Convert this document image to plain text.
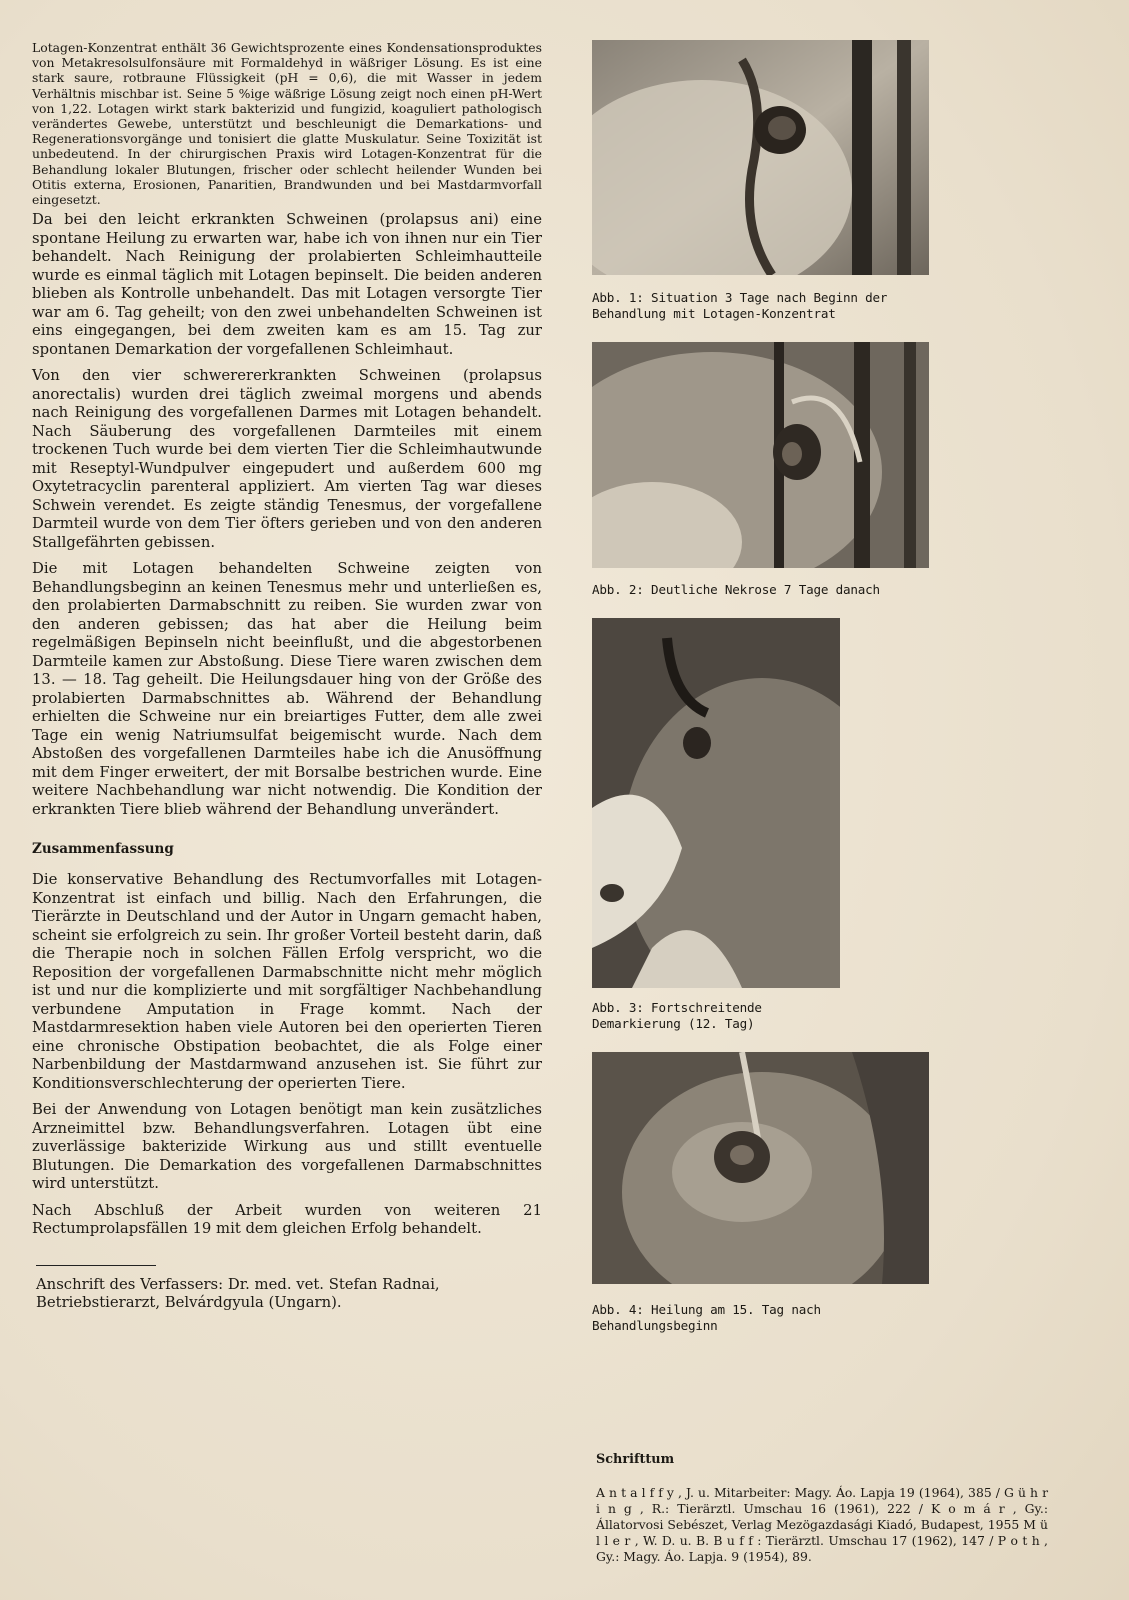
Lotagen-Konzentrat enthält 36 Gewichtsprozente eines Kondensationsproduktes von Metakresolsulfonsäure mit Formaldehyd in wäßriger Lösung. Es ist eine stark saure, rotbraune Flüssigkeit (pH = 0,6), die mit Wasser in jedem Verhältnis mischbar ist. Seine 5 %ige wäßrige Lösung zeigt noch einen pH-Wert von 1,22. Lotagen wirkt stark bakterizid und fungizid, koaguliert pathologisch verändertes Gewebe, unterstützt und beschleunigt die Demarkations- und Regenerationsvorgänge und tonisiert die glatte Muskulatur. Seine Toxizität ist unbedeutend. In der chirurgischen Praxis wird Lotagen-Konzentrat für die Behandlung lokaler Blutungen, frischer oder schlecht heilender Wunden bei Otitis externa, Erosionen, Panaritien, Brandwunden und bei Mastdarmvorfall eingesetzt.

Da bei den leicht erkrankten Schweinen (prolapsus ani) eine spontane Heilung zu erwarten war, habe ich von ihnen nur ein Tier behandelt. Nach Reinigung der prolabierten Schleimhautteile wurde es einmal täglich mit Lotagen bepinselt. Die beiden anderen blieben als Kontrolle unbehandelt. Das mit Lotagen versorgte Tier war am 6. Tag geheilt; von den zwei unbehandelten Schweinen ist eins eingegangen, bei dem zweiten kam es am 15. Tag zur spontanen Demarkation der vorgefallenen Schleimhaut.

Von den vier schwerererkrankten Schweinen (prolapsus anorectalis) wurden drei täglich zweimal morgens und abends nach Reinigung des vorgefallenen Darmes mit Lotagen behandelt. Nach Säuberung des vorgefallenen Darmteiles mit einem trockenen Tuch wurde bei dem vierten Tier die Schleimhautwunde mit Reseptyl-Wundpulver eingepudert und außerdem 600 mg Oxytetracyclin parenteral appliziert. Am vierten Tag war dieses Schwein verendet. Es zeigte ständig Tenesmus, der vorgefallene Darmteil wurde von dem Tier öfters gerieben und von den anderen Stallgefährten gebissen.

Die mit Lotagen behandelten Schweine zeigten von Behandlungsbeginn an keinen Tenesmus mehr und unterließen es, den prolabierten Darmabschnitt zu reiben. Sie wurden zwar von den anderen gebissen; das hat aber die Heilung beim regelmäßigen Bepinseln nicht beeinflußt, und die abgestorbenen Darmteile kamen zur Abstoßung. Diese Tiere waren zwischen dem 13. — 18. Tag geheilt. Die Heilungsdauer hing von der Größe des prolabierten Darmabschnittes ab. Während der Behandlung erhielten die Schweine nur ein breiartiges Futter, dem alle zwei Tage ein wenig Natriumsulfat beigemischt wurde. Nach dem Abstoßen des vorgefallenen Darmteiles habe ich die Anusöffnung mit dem Finger erweitert, der mit Borsalbe bestrichen wurde. Eine weitere Nachbehandlung war nicht notwendig. Die Kondition der erkrankten Tiere blieb während der Behandlung unverändert.

Zusammenfassung

Die konservative Behandlung des Rectumvorfalles mit Lotagen-Konzentrat ist einfach und billig. Nach den Erfahrungen, die Tierärzte in Deutschland und der Autor in Ungarn gemacht haben, scheint sie erfolgreich zu sein. Ihr großer Vorteil besteht darin, daß die Therapie noch in solchen Fällen Erfolg verspricht, wo die Reposition der vorgefallenen Darmabschnitte nicht mehr möglich ist und nur die komplizierte und mit sorgfältiger Nachbehandlung verbundene Amputation in Frage kommt. Nach der Mastdarmresektion haben viele Autoren bei den operierten Tieren eine chronische Obstipation beobachtet, die als Folge einer Narbenbildung der Mastdarmwand anzusehen ist. Sie führt zur Konditionsverschlechterung der operierten Tiere.

Bei der Anwendung von Lotagen benötigt man kein zusätzliches Arzneimittel bzw. Behandlungsverfahren. Lotagen übt eine zuverlässige bakterizide Wirkung aus und stillt eventuelle Blutungen. Die Demarkation des vorgefallenen Darmabschnittes wird unterstützt.

Nach Abschluß der Arbeit wurden von weiteren 21 Rectumprolapsfällen 19 mit dem gleichen Erfolg behandelt.

Anschrift des Verfassers: Dr. med. vet. Stefan Radnai, Betriebstierarzt, Belvárdgyula (Ungarn).

Abb. 1: Situation 3 Tage nach Beginn der Behandlung mit Lotagen-Konzentrat
Abb. 2: Deutliche Nekrose 7 Tage danach
Abb. 3: Fortschreitende Demarkierung (12. Tag)
Abb. 4: Heilung am 15. Tag nach Behandlungsbeginn
Schrifttum

A n t a l f f y , J. u. Mitarbeiter: Magy. Áo. Lapja 19 (1964), 385 / G ü h r i n g , R.: Tierärztl. Umschau 16 (1961), 222 / K o m á r , Gy.: Állatorvosi Sebészet, Verlag Mezögazdasági Kiadó, Budapest, 1955 M ü l l e r , W. D. u. B. B u f f : Tierärztl. Umschau 17 (1962), 147 / P o t h , Gy.: Magy. Áo. Lapja. 9 (1954), 89.
